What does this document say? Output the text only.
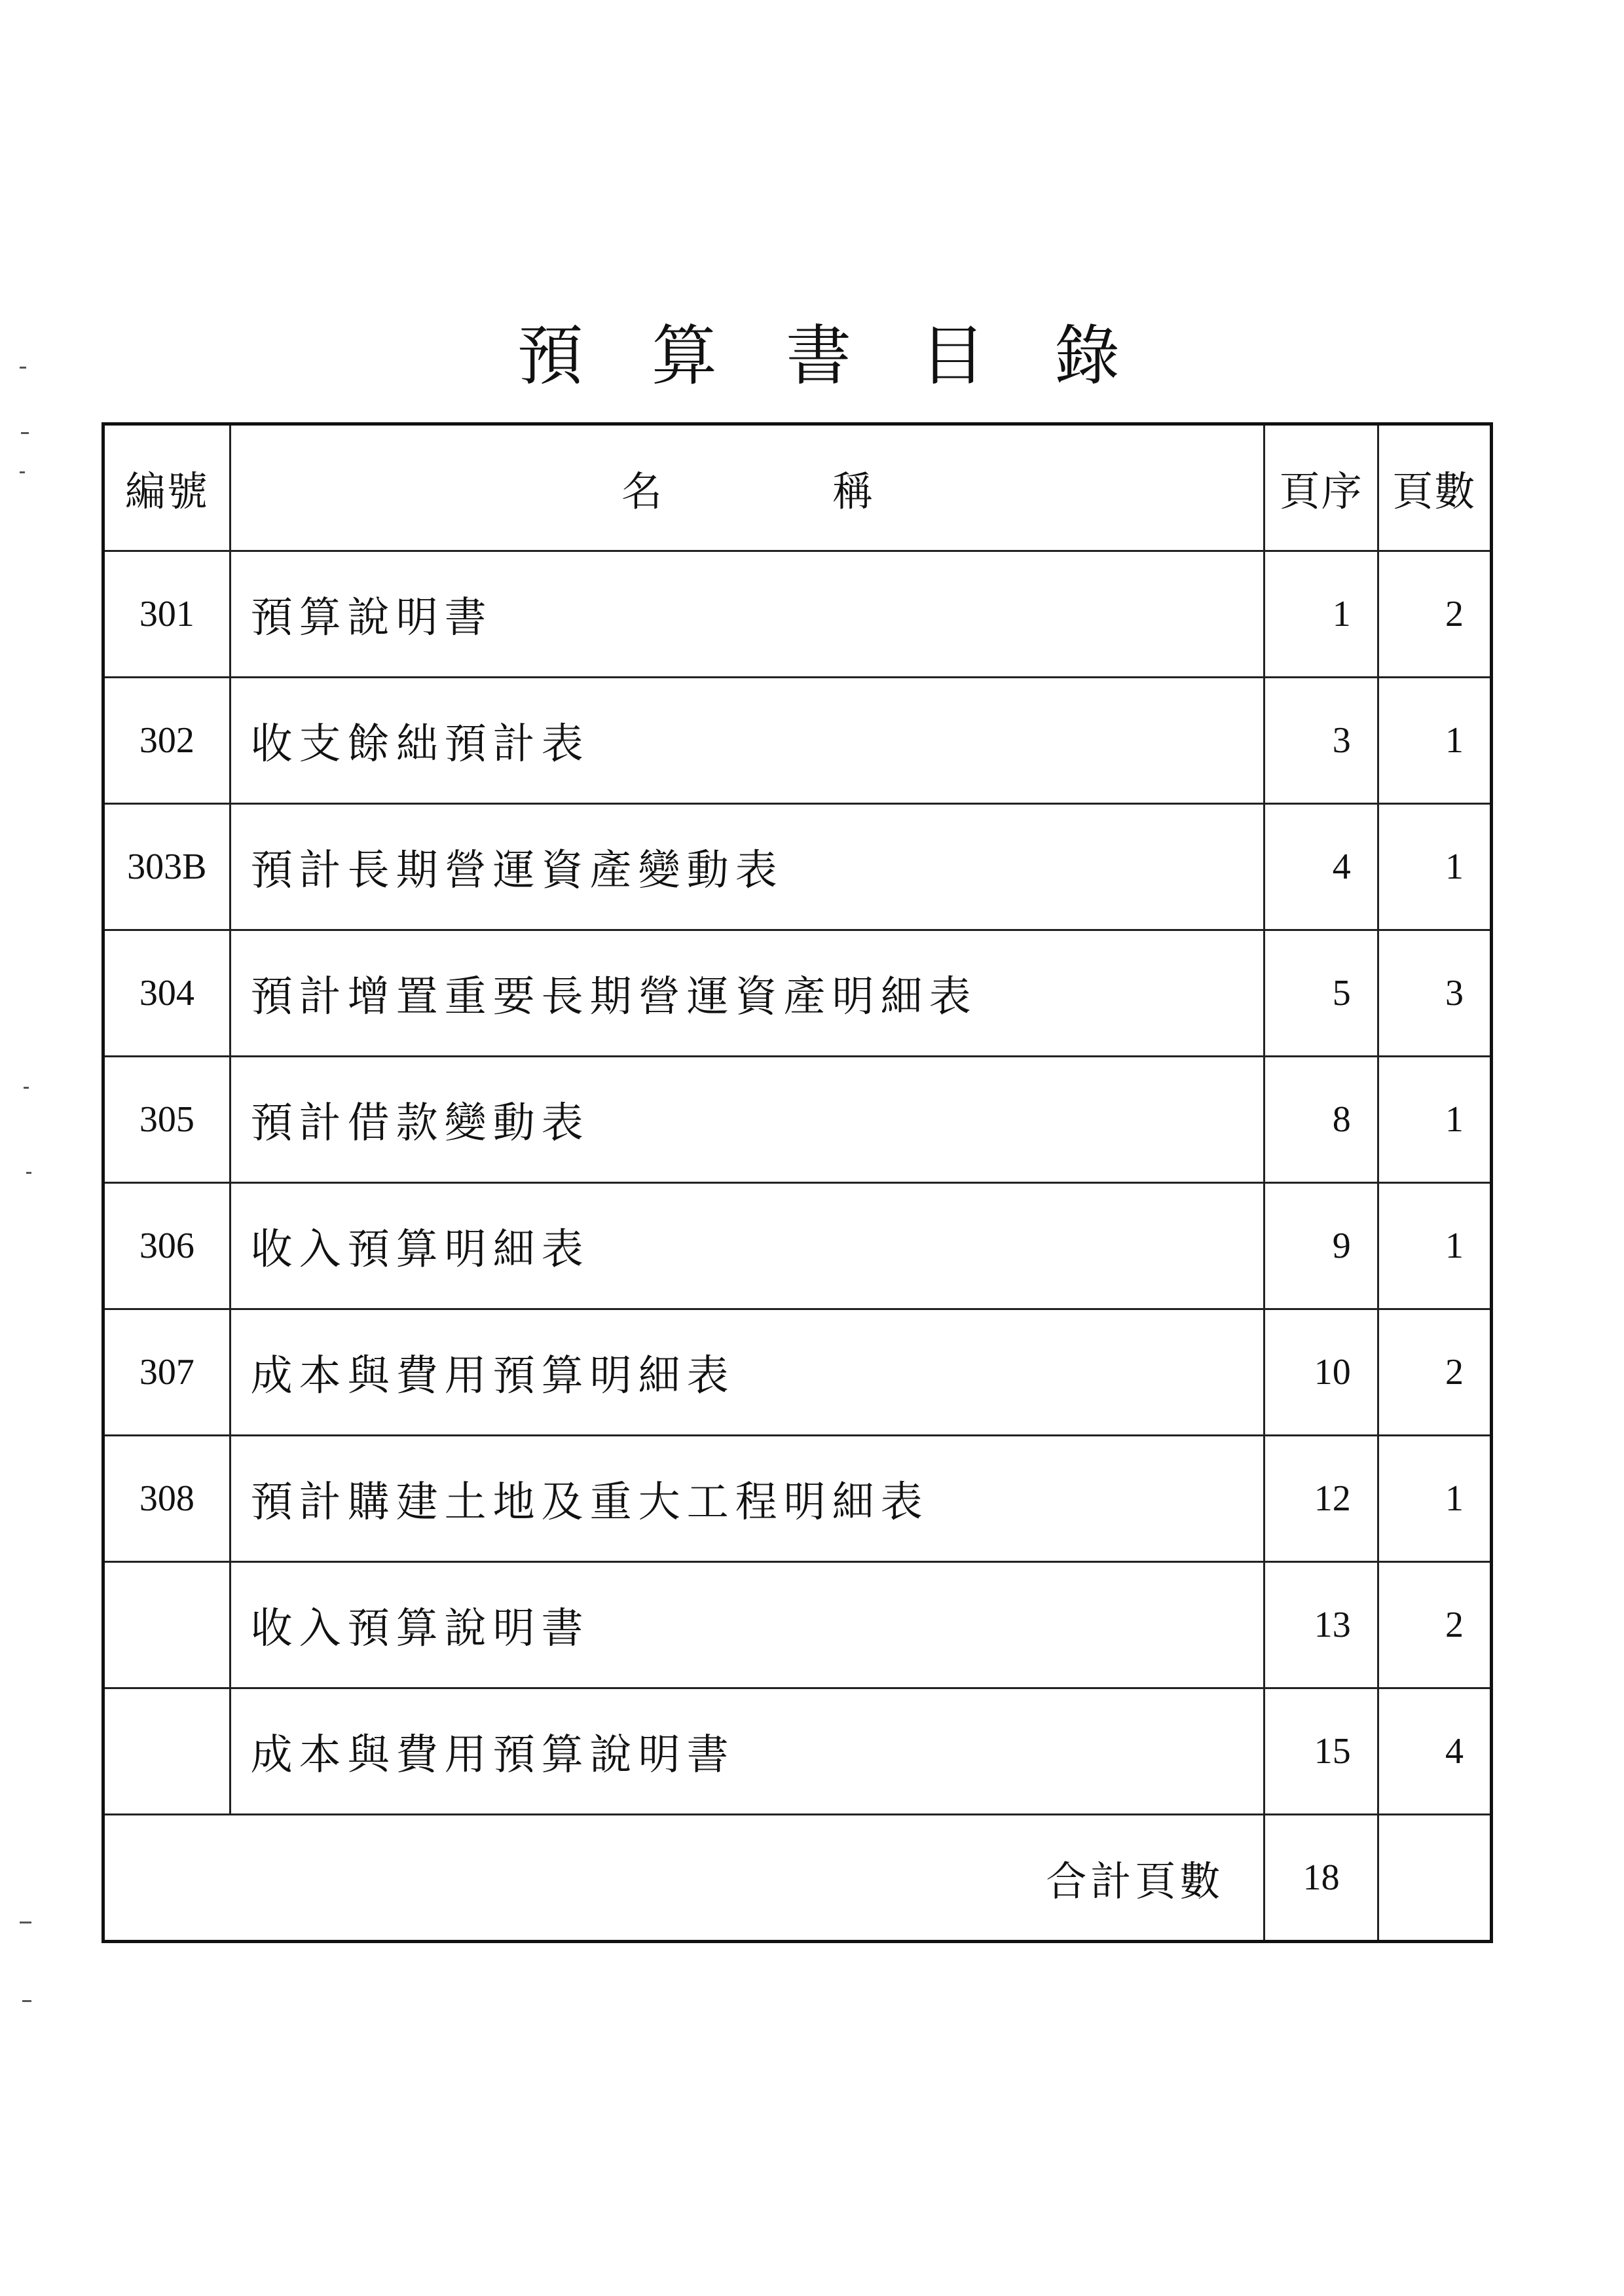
預 算 書 目 錄
編號	名稱	頁序	頁數
301	預算說明書	1	2
302	收支餘絀預計表	3	1
303B	預計長期營運資產變動表	4	1
304	預計增置重要長期營運資產明細表	5	3
305	預計借款變動表	8	1
306	收入預算明細表	9	1
307	成本與費用預算明細表	10	2
308	預計購建土地及重大工程明細表	12	1
	收入預算說明書	13	2
	成本與費用預算說明書	15	4
合計頁數		18	
